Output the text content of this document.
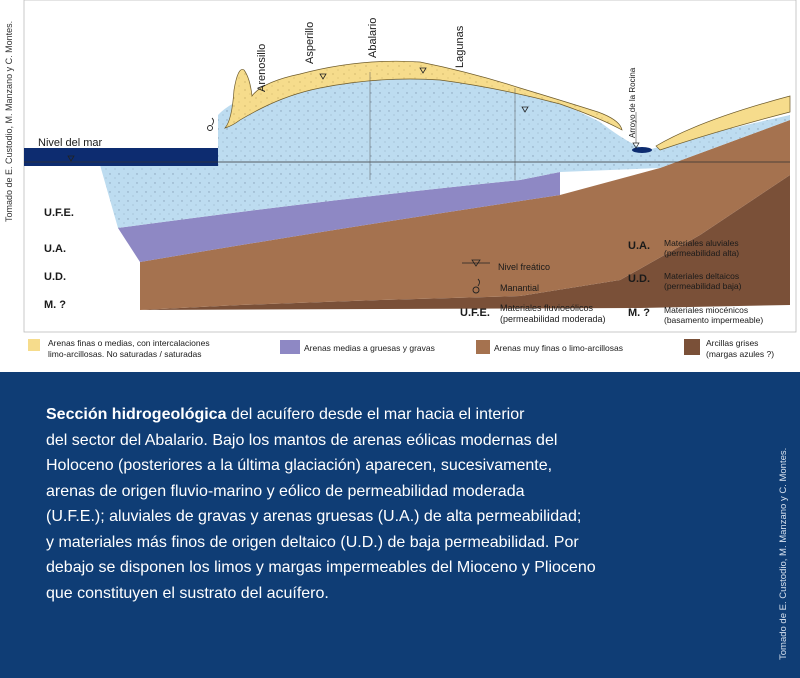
Tomado de E. Custodio, M. Manzano y C. Montes.	Arenosillo
Asperillo	Abalario	Lagunas
Arroyo de la Rocina
Nivel del mar
U.F.E.
U.A.
U.D.
M. ?
Nivel freático
Manantial
U.F.E. Materiales fluvioeólicos
(permeabilidad moderada)
U.A. Materiales aluviales
(permeabilidad alta)
U.D. Materiales deltaicos
(permeabilidad baja)
M. ? Materiales miocénicos
(basamento impermeable)
Arenas finas o medias, con intercalaciones
limo-arcillosas. No saturadas / saturadas
Arenas medias a gruesas y gravas	Arenas muy finas o limo-arcillosas	Arcillas grises
(margas azules ?)
Sección hidrogeológica del acuífero desde el mar hacia el interior
del sector del Abalario. Bajo los mantos de arenas eólicas modernas del
Holoceno (posteriores a la última glaciación) aparecen, sucesivamente,
arenas de origen fluvio-marino y eólico de permeabilidad moderada
(U.F.E.); aluviales de gravas y arenas gruesas (U.A.) de alta permeabilidad;
y materiales más finos de origen deltaico (U.D.) de baja permeabilidad. Por
debajo se disponen los limos y margas impermeables del Mioceno y Plioceno
que constituyen el sustrato del acuífero.	Tomado de E. Custodio, M. Manzano y C. Montes.
